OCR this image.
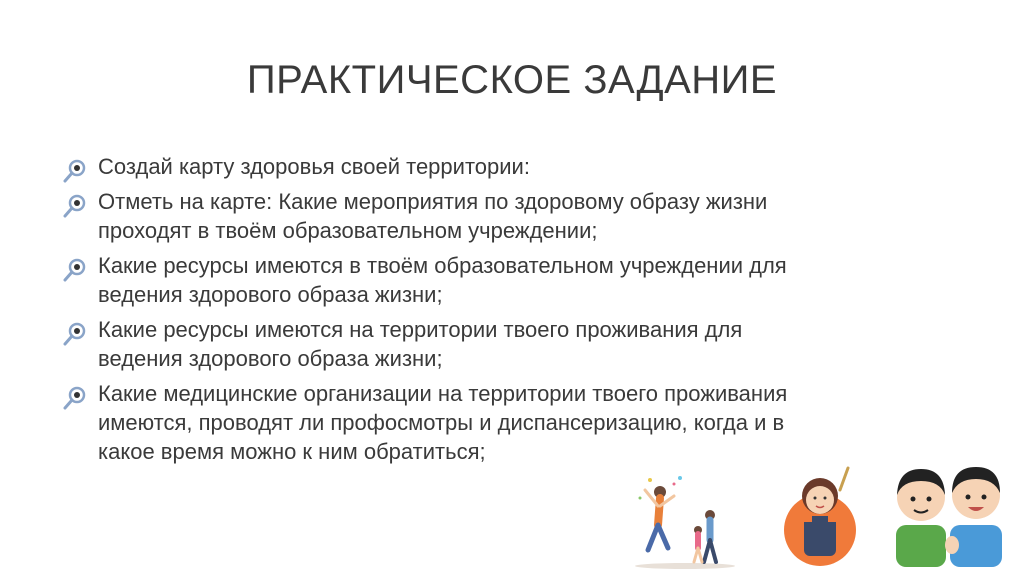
ПРАКТИЧЕСКОЕ ЗАДАНИЕ
Создай карту здоровья своей территории:
Отметь на карте: Какие мероприятия по здоровому образу жизни
проходят в твоём образовательном учреждении;
Какие ресурсы имеются в твоём образовательном учреждении для
ведения здорового образа жизни;
Какие ресурсы имеются на территории твоего проживания для
ведения здорового образа жизни;
Какие медицинские организации на территории твоего проживания
имеются, проводят ли профосмотры и диспансеризацию, когда и в
какое время можно к ним обратиться;
